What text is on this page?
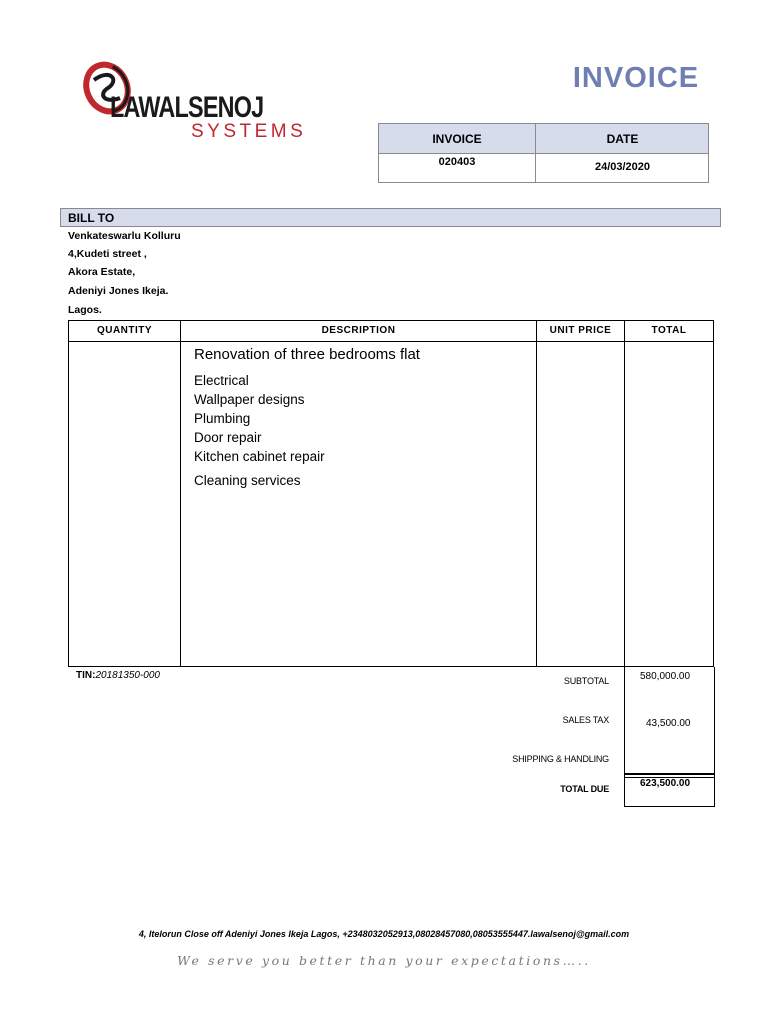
LAWALSENOJ
SYSTEMS
INVOICE
INVOICE	DATE
020403	24/03/2020
BILL TO
Venkateswarlu Kolluru
4,Kudeti street ,
Akora Estate,
Adeniyi Jones Ikeja.
Lagos.
QUANTITY	DESCRIPTION	UNIT PRICE	TOTAL
Renovation of three bedrooms flat
Electrical
Wallpaper designs
Plumbing
Door repair
Kitchen cabinet repair
Cleaning services
TIN:20181350-000	SUBTOTAL	580,000.00
SALES TAX	43,500.00
SHIPPING & HANDLING
TOTAL DUE	623,500.00
4, Itelorun Close off Adeniyi Jones Ikeja Lagos, +2348032052913,08028457080,08053555447.lawalsenoj@gmail.com
We serve you better than your expectations…..
